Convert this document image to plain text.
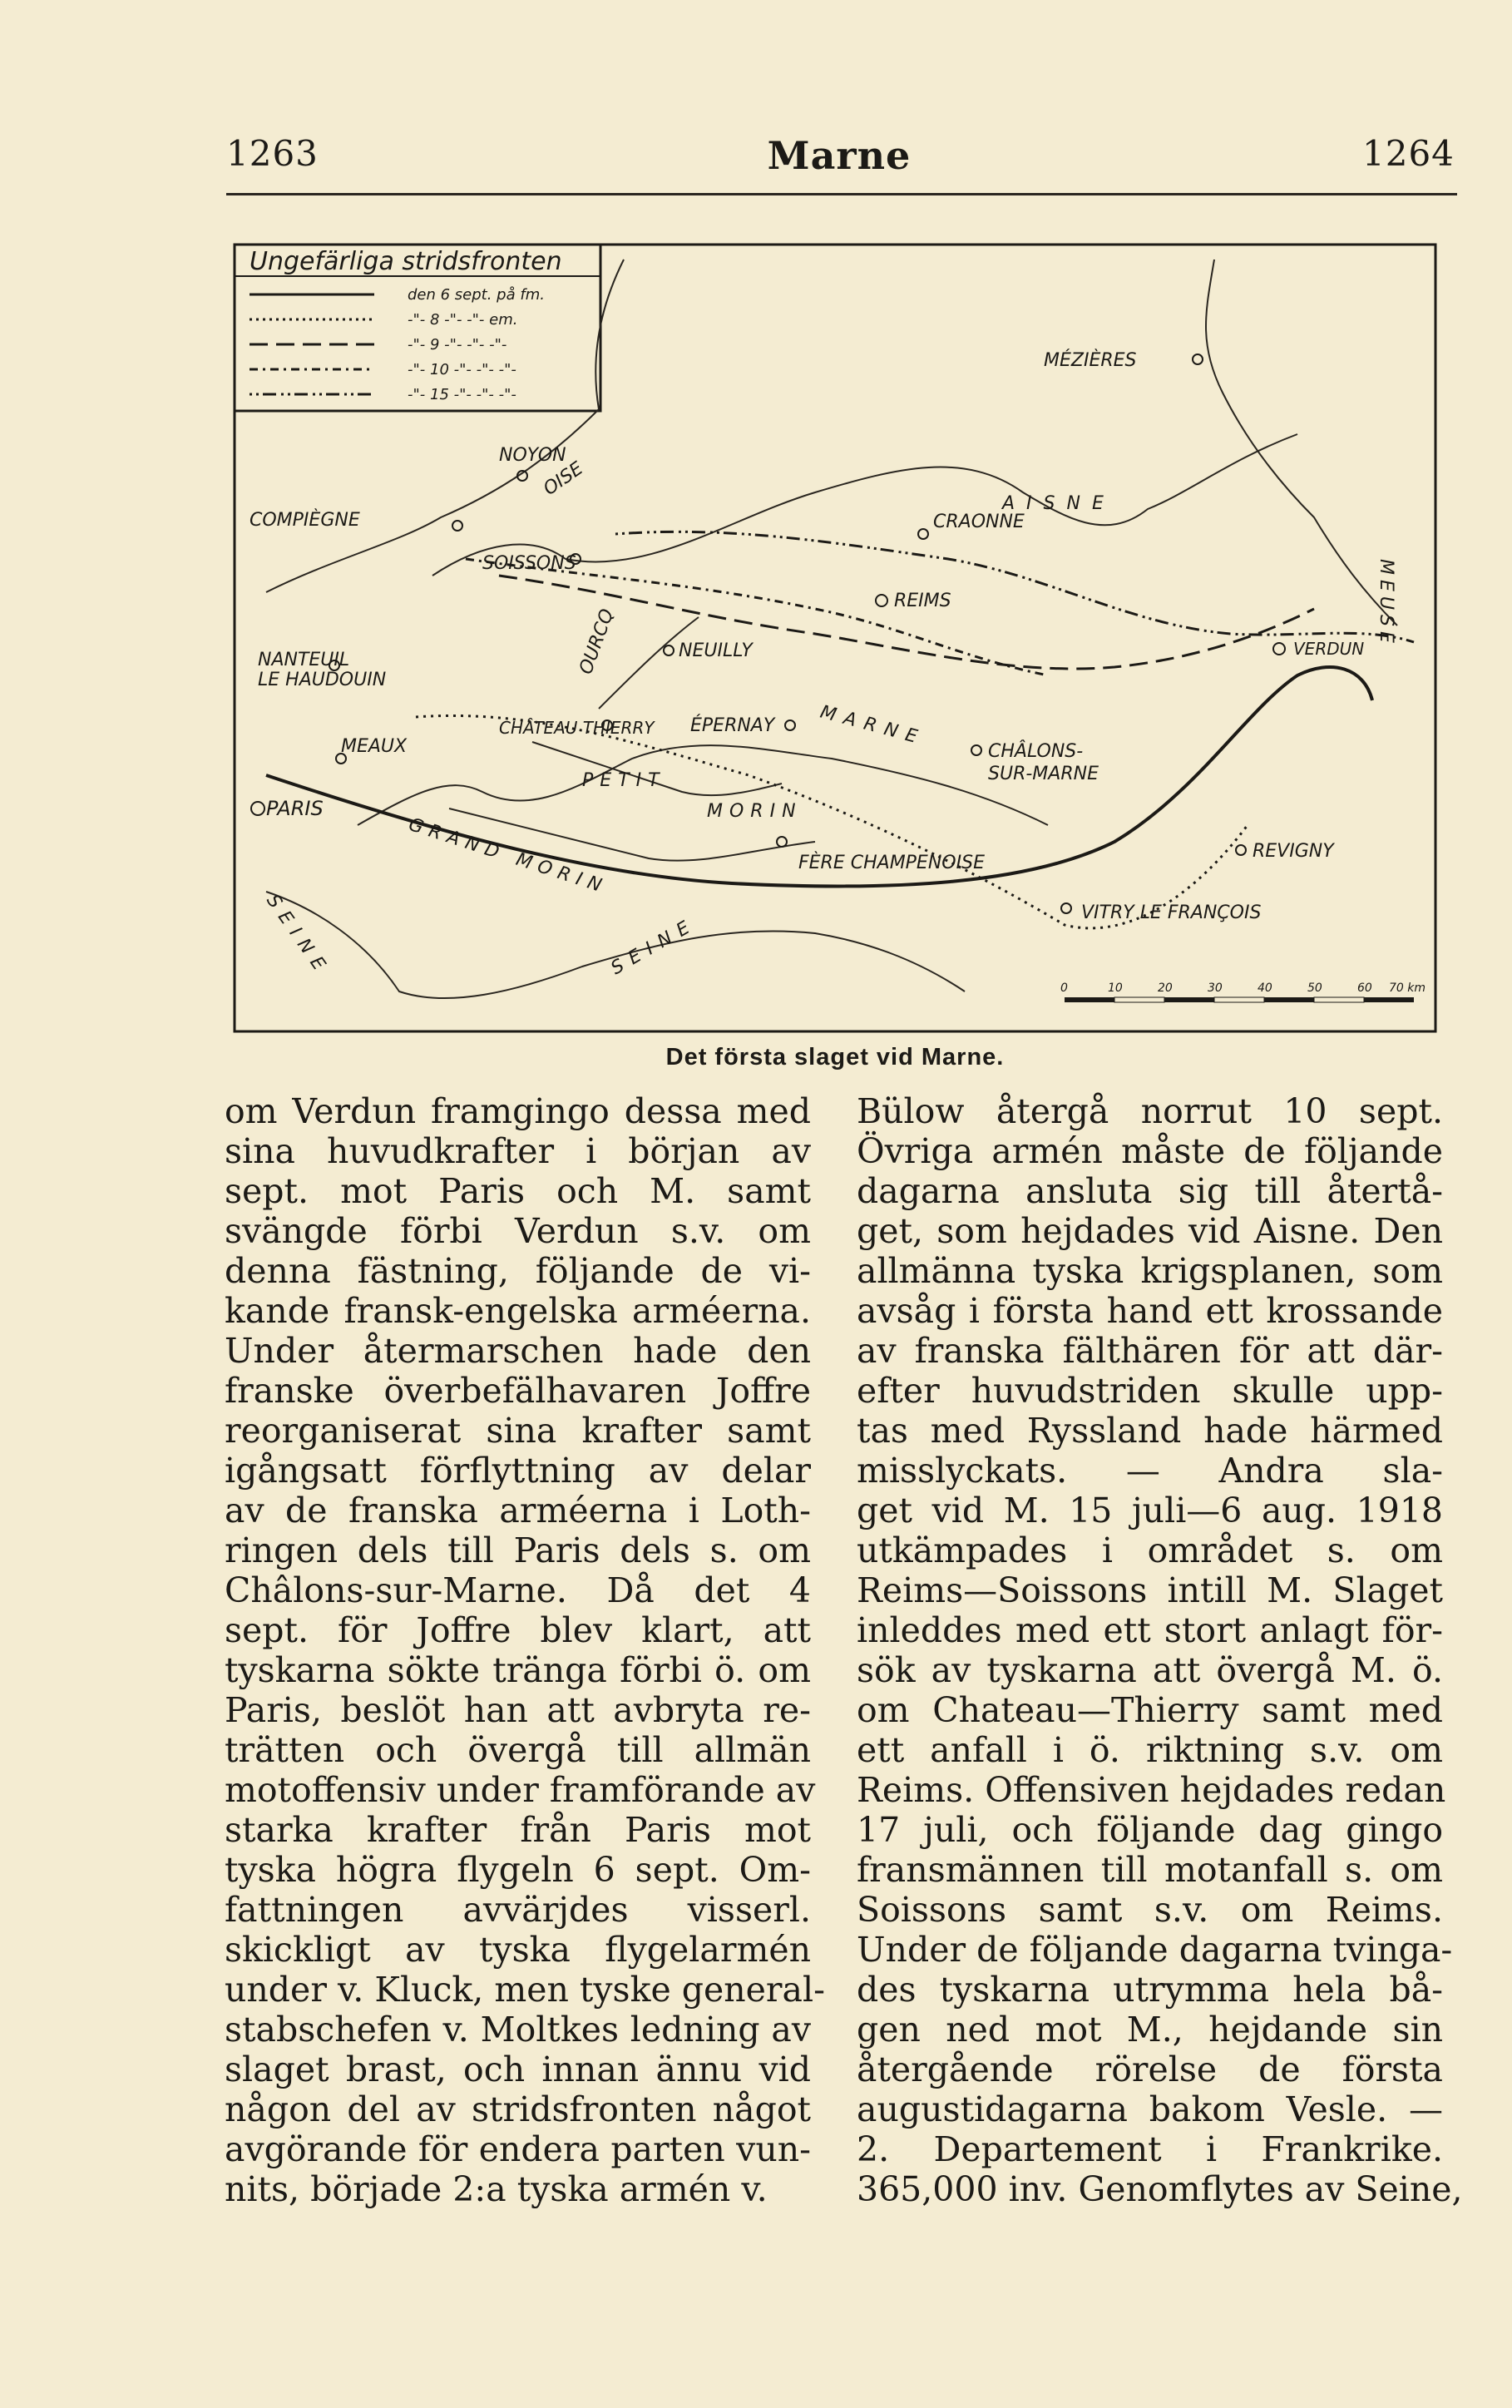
1263	Marne	1264
Ungefärliga stridsfronten
den 6 sept. på fm.
-"- 8 -"- -"- em.
-"- 9 -"- -"- -"-
-"- 10 -"- -"- -"-
-"- 15 -"- -"- -"-
NOYON
OISE
COMPIÈGNE
SOISSONS
CRAONNE
AISNE
MÉZIÈRES
MEUSE
REIMS
NANTEUIL
LE HAUDOUIN
NEUILLY
OURCQ
CHÂTEAU THIERRY ÉPERNAY MARNE
VERDUN
MEAUX
PARIS
PETIT
MORIN
GRAND MORIN
CHÂLONS-
SUR-MARNE
FÈRE CHAMPENOISE
REVIGNY
VITRY LE FRANÇOIS
SEINE	SEINE
0	10	20	30	40	50	60 70 km
Det första slaget vid Marne.
om Verdun framgingo dessa med
sina huvudkrafter i början av
sept. mot Paris och M. samt
svängde förbi Verdun s.v. om
denna fästning, följande de vi-
kande fransk-engelska arméerna.
Under återmarschen hade den
franske överbefälhavaren Joffre
reorganiserat sina krafter samt
igångsatt förflyttning av delar
av de franska arméerna i Loth-
ringen dels till Paris dels s. om
Châlons-sur-Marne. Då det 4
sept. för Joffre blev klart, att
tyskarna sökte tränga förbi ö. om
Paris, beslöt han att avbryta re-
trätten och övergå till allmän
motoffensiv under framförande av
starka krafter från Paris mot
tyska högra flygeln 6 sept. Om-
fattningen avvärjdes visserl.
skickligt av tyska flygelarmén
under v. Kluck, men tyske general-
stabschefen v. Moltkes ledning av
slaget brast, och innan ännu vid
någon del av stridsfronten något
avgörande för endera parten vun-
nits, började 2:a tyska armén v.
Bülow återgå norrut 10 sept.
Övriga armén måste de följande
dagarna ansluta sig till återtå-
get, som hejdades vid Aisne. Den
allmänna tyska krigsplanen, som
avsåg i första hand ett krossande
av franska fälthären för att där-
efter huvudstriden skulle upp-
tas med Ryssland hade härmed
misslyckats. — Andra sla-
get vid M. 15 juli—6 aug. 1918
utkämpades i området s. om
Reims—Soissons intill M. Slaget
inleddes med ett stort anlagt för-
sök av tyskarna att övergå M. ö.
om Chateau—Thierry samt med
ett anfall i ö. riktning s.v. om
Reims. Offensiven hejdades redan
17 juli, och följande dag gingo
fransmännen till motanfall s. om
Soissons samt s.v. om Reims.
Under de följande dagarna tvinga-
des tyskarna utrymma hela bå-
gen ned mot M., hejdande sin
återgående rörelse de första
augustidagarna bakom Vesle. —
2. Departement i Frankrike.
365,000 inv. Genomflytes av Seine,
